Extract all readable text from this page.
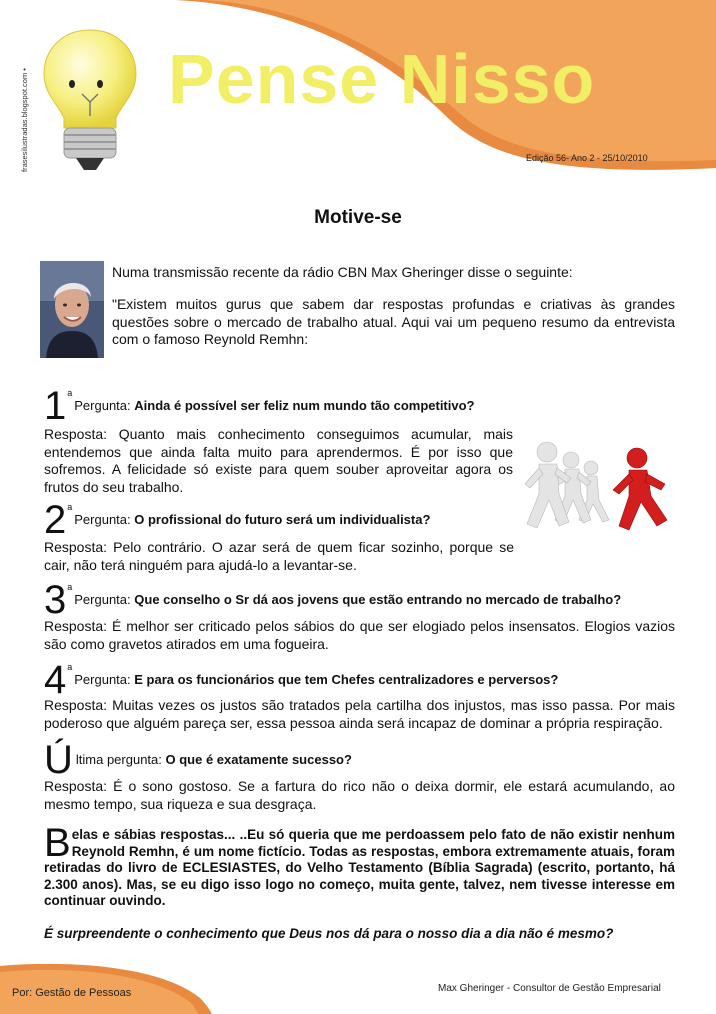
frasesilustradas.blogspot.com • Pense Nisso
Edição 56- Ano 2 - 25/10/2010
Motive-se
Numa transmissão recente da rádio CBN Max Gheringer disse o seguinte:
"Existem muitos gurus que sabem dar respostas profundas e criativas às grandes questões sobre o mercado de trabalho atual. Aqui vai um pequeno resumo da entrevista com o famoso Reynold Remhn:
1$^a$Pergunta: Ainda é possível ser feliz num mundo tão competitivo?
Resposta: Quanto mais conhecimento conseguimos acumular, mais entendemos que ainda falta muito para aprendermos. É por isso que sofremos. A felicidade só existe para quem souber aproveitar agora os frutos do seu trabalho.
2$^a$Pergunta: O profissional do futuro será um individualista?
Resposta: Pelo contrário. O azar será de quem ficar sozinho, porque se cair, não terá ninguém para ajudá-lo a levantar-se.
3$^a$Pergunta: Que conselho o Sr dá aos jovens que estão entrando no mercado de trabalho?
Resposta: É melhor ser criticado pelos sábios do que ser elogiado pelos insensatos. Elogios vazios são como gravetos atirados em uma fogueira.
4$^a$Pergunta: E para os funcionários que tem Chefes centralizadores e perversos?
Resposta: Muitas vezes os justos são tratados pela cartilha dos injustos, mas isso passa. Por mais poderoso que alguém pareça ser, essa pessoa ainda será incapaz de dominar a própria respiração.
Última pergunta: O que é exatamente sucesso?
Resposta: É o sono gostoso. Se a fartura do rico não o deixa dormir, ele estará acumulando, ao mesmo tempo, sua riqueza e sua desgraça.
Belas e sábias respostas... ..Eu só queria que me perdoassem pelo fato de não existir nenhum Reynold Remhn, é um nome fictício. Todas as respostas, embora extremamente atuais, foram retiradas do livro de ECLESIASTES, do Velho Testamento (Bíblia Sagrada) (escrito, portanto, há 2.300 anos). Mas, se eu digo isso logo no começo, muita gente, talvez, nem tivesse interesse em continuar ouvindo.
É surpreendente o conhecimento que Deus nos dá para o nosso dia a dia não é mesmo?
Por: Gestão de Pessoas	Max Gheringer - Consultor de Gestão Empresarial
